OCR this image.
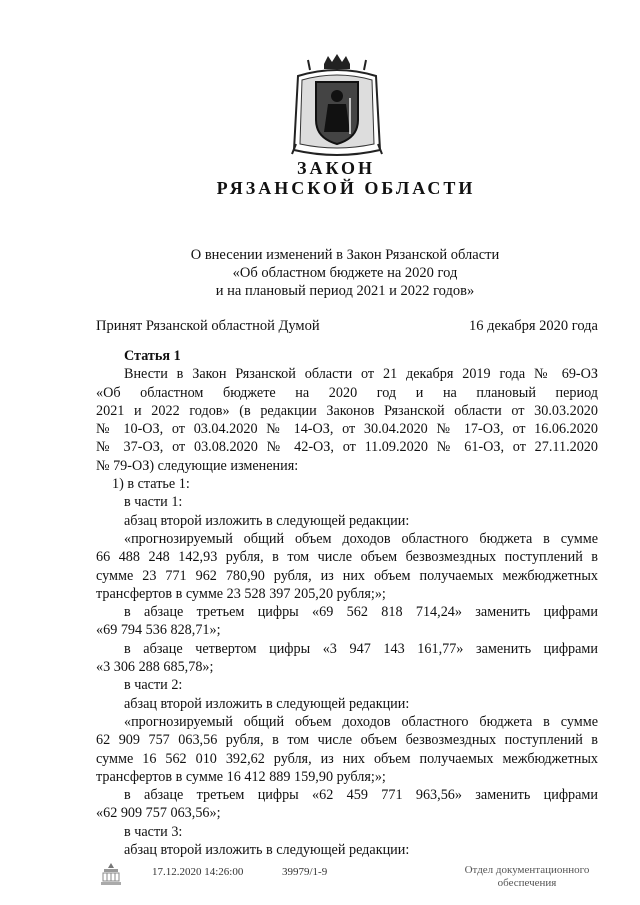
ЗАКОН
РЯЗАНСКОЙ ОБЛАСТИ
О внесении изменений в Закон Рязанской области
«Об областном бюджете на 2020 год
и на плановый период 2021 и 2022 годов»
Принят Рязанской областной Думой	16 декабря 2020 года

Статья 1

Внести в Закон Рязанской области от 21 декабря 2019 года № 69-ОЗ

«Об областном бюджете на 2020 год и на плановый период

2021 и 2022 годов» (в редакции Законов Рязанской области от 30.03.2020

№ 10-ОЗ, от 03.04.2020 № 14-ОЗ, от 30.04.2020 № 17-ОЗ, от 16.06.2020

№ 37-ОЗ, от 03.08.2020 № 42-ОЗ, от 11.09.2020 № 61-ОЗ, от 27.11.2020

№ 79-ОЗ) следующие изменения:

1) в статье 1:

в части 1:

абзац второй изложить в следующей редакции:

«прогнозируемый общий объем доходов областного бюджета в сумме

66 488 248 142,93 рубля, в том числе объем безвозмездных поступлений в

сумме 23 771 962 780,90 рубля, из них объем получаемых межбюджетных

трансфертов в сумме 23 528 397 205,20 рубля;»;

в абзаце третьем цифры «69 562 818 714,24» заменить цифрами

«69 794 536 828,71»;

в абзаце четвертом цифры «3 947 143 161,77» заменить цифрами

«3 306 288 685,78»;

в части 2:

абзац второй изложить в следующей редакции:

«прогнозируемый общий объем доходов областного бюджета в сумме

62 909 757 063,56 рубля, в том числе объем безвозмездных поступлений в

сумме 16 562 010 392,62 рубля, из них объем получаемых межбюджетных

трансфертов в сумме 16 412 889 159,90 рубля;»;

в абзаце третьем цифры «62 459 771 963,56» заменить цифрами

«62 909 757 063,56»;

в части 3:

абзац второй изложить в следующей редакции:

17.12.2020 14:26:00	39979/1-9	Отдел документационного
обеспечения
